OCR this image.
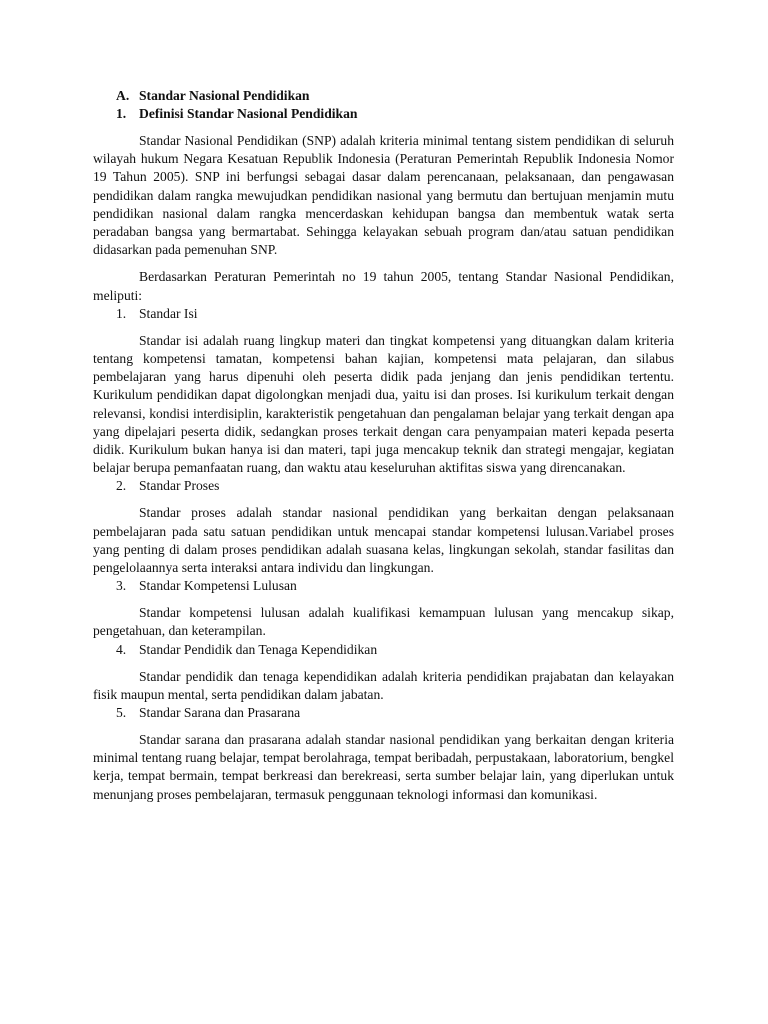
A. Standar Nasional Pendidikan

1. Definisi Standar Nasional Pendidikan

Standar Nasional Pendidikan (SNP) adalah kriteria minimal tentang sistem pendidikan di seluruh wilayah hukum Negara Kesatuan Republik Indonesia (Peraturan Pemerintah Republik Indonesia Nomor 19 Tahun 2005). SNP ini berfungsi sebagai dasar dalam perencanaan, pelaksanaan, dan pengawasan pendidikan dalam rangka mewujudkan pendidikan nasional yang bermutu dan bertujuan menjamin mutu pendidikan nasional dalam rangka mencerdaskan kehidupan bangsa dan membentuk watak serta peradaban bangsa yang bermartabat. Sehingga kelayakan sebuah program dan/atau satuan pendidikan didasarkan pada pemenuhan SNP.

Berdasarkan Peraturan Pemerintah no 19 tahun 2005, tentang Standar Nasional Pendidikan, meliputi:

1. Standar Isi

Standar isi adalah ruang lingkup materi dan tingkat kompetensi yang dituangkan dalam kriteria tentang kompetensi tamatan, kompetensi bahan kajian, kompetensi mata pelajaran, dan silabus pembelajaran yang harus dipenuhi oleh peserta didik pada jenjang dan jenis pendidikan tertentu. Kurikulum pendidikan dapat digolongkan menjadi dua, yaitu isi dan proses. Isi kurikulum terkait dengan relevansi, kondisi interdisiplin, karakteristik pengetahuan dan pengalaman belajar yang terkait dengan apa yang dipelajari peserta didik, sedangkan proses terkait dengan cara penyampaian materi kepada peserta didik. Kurikulum bukan hanya isi dan materi, tapi juga mencakup teknik dan strategi mengajar, kegiatan belajar berupa pemanfaatan ruang, dan waktu atau keseluruhan aktifitas siswa yang direncanakan.

2. Standar Proses

Standar proses adalah standar nasional pendidikan yang berkaitan dengan pelaksanaan pembelajaran pada satu satuan pendidikan untuk mencapai standar kompetensi lulusan.Variabel proses yang penting di dalam proses pendidikan adalah suasana kelas, lingkungan sekolah, standar fasilitas dan pengelolaannya serta interaksi antara individu dan lingkungan.

3. Standar Kompetensi Lulusan

Standar kompetensi lulusan adalah kualifikasi kemampuan lulusan yang mencakup sikap, pengetahuan, dan keterampilan.

4. Standar Pendidik dan Tenaga Kependidikan

Standar pendidik dan tenaga kependidikan adalah kriteria pendidikan prajabatan dan kelayakan fisik maupun mental, serta pendidikan dalam jabatan.

5. Standar Sarana dan Prasarana

Standar sarana dan prasarana adalah standar nasional pendidikan yang berkaitan dengan kriteria minimal tentang ruang belajar, tempat berolahraga, tempat beribadah, perpustakaan, laboratorium, bengkel kerja, tempat bermain, tempat berkreasi dan berekreasi, serta sumber belajar lain, yang diperlukan untuk menunjang proses pembelajaran, termasuk penggunaan teknologi informasi dan komunikasi.
